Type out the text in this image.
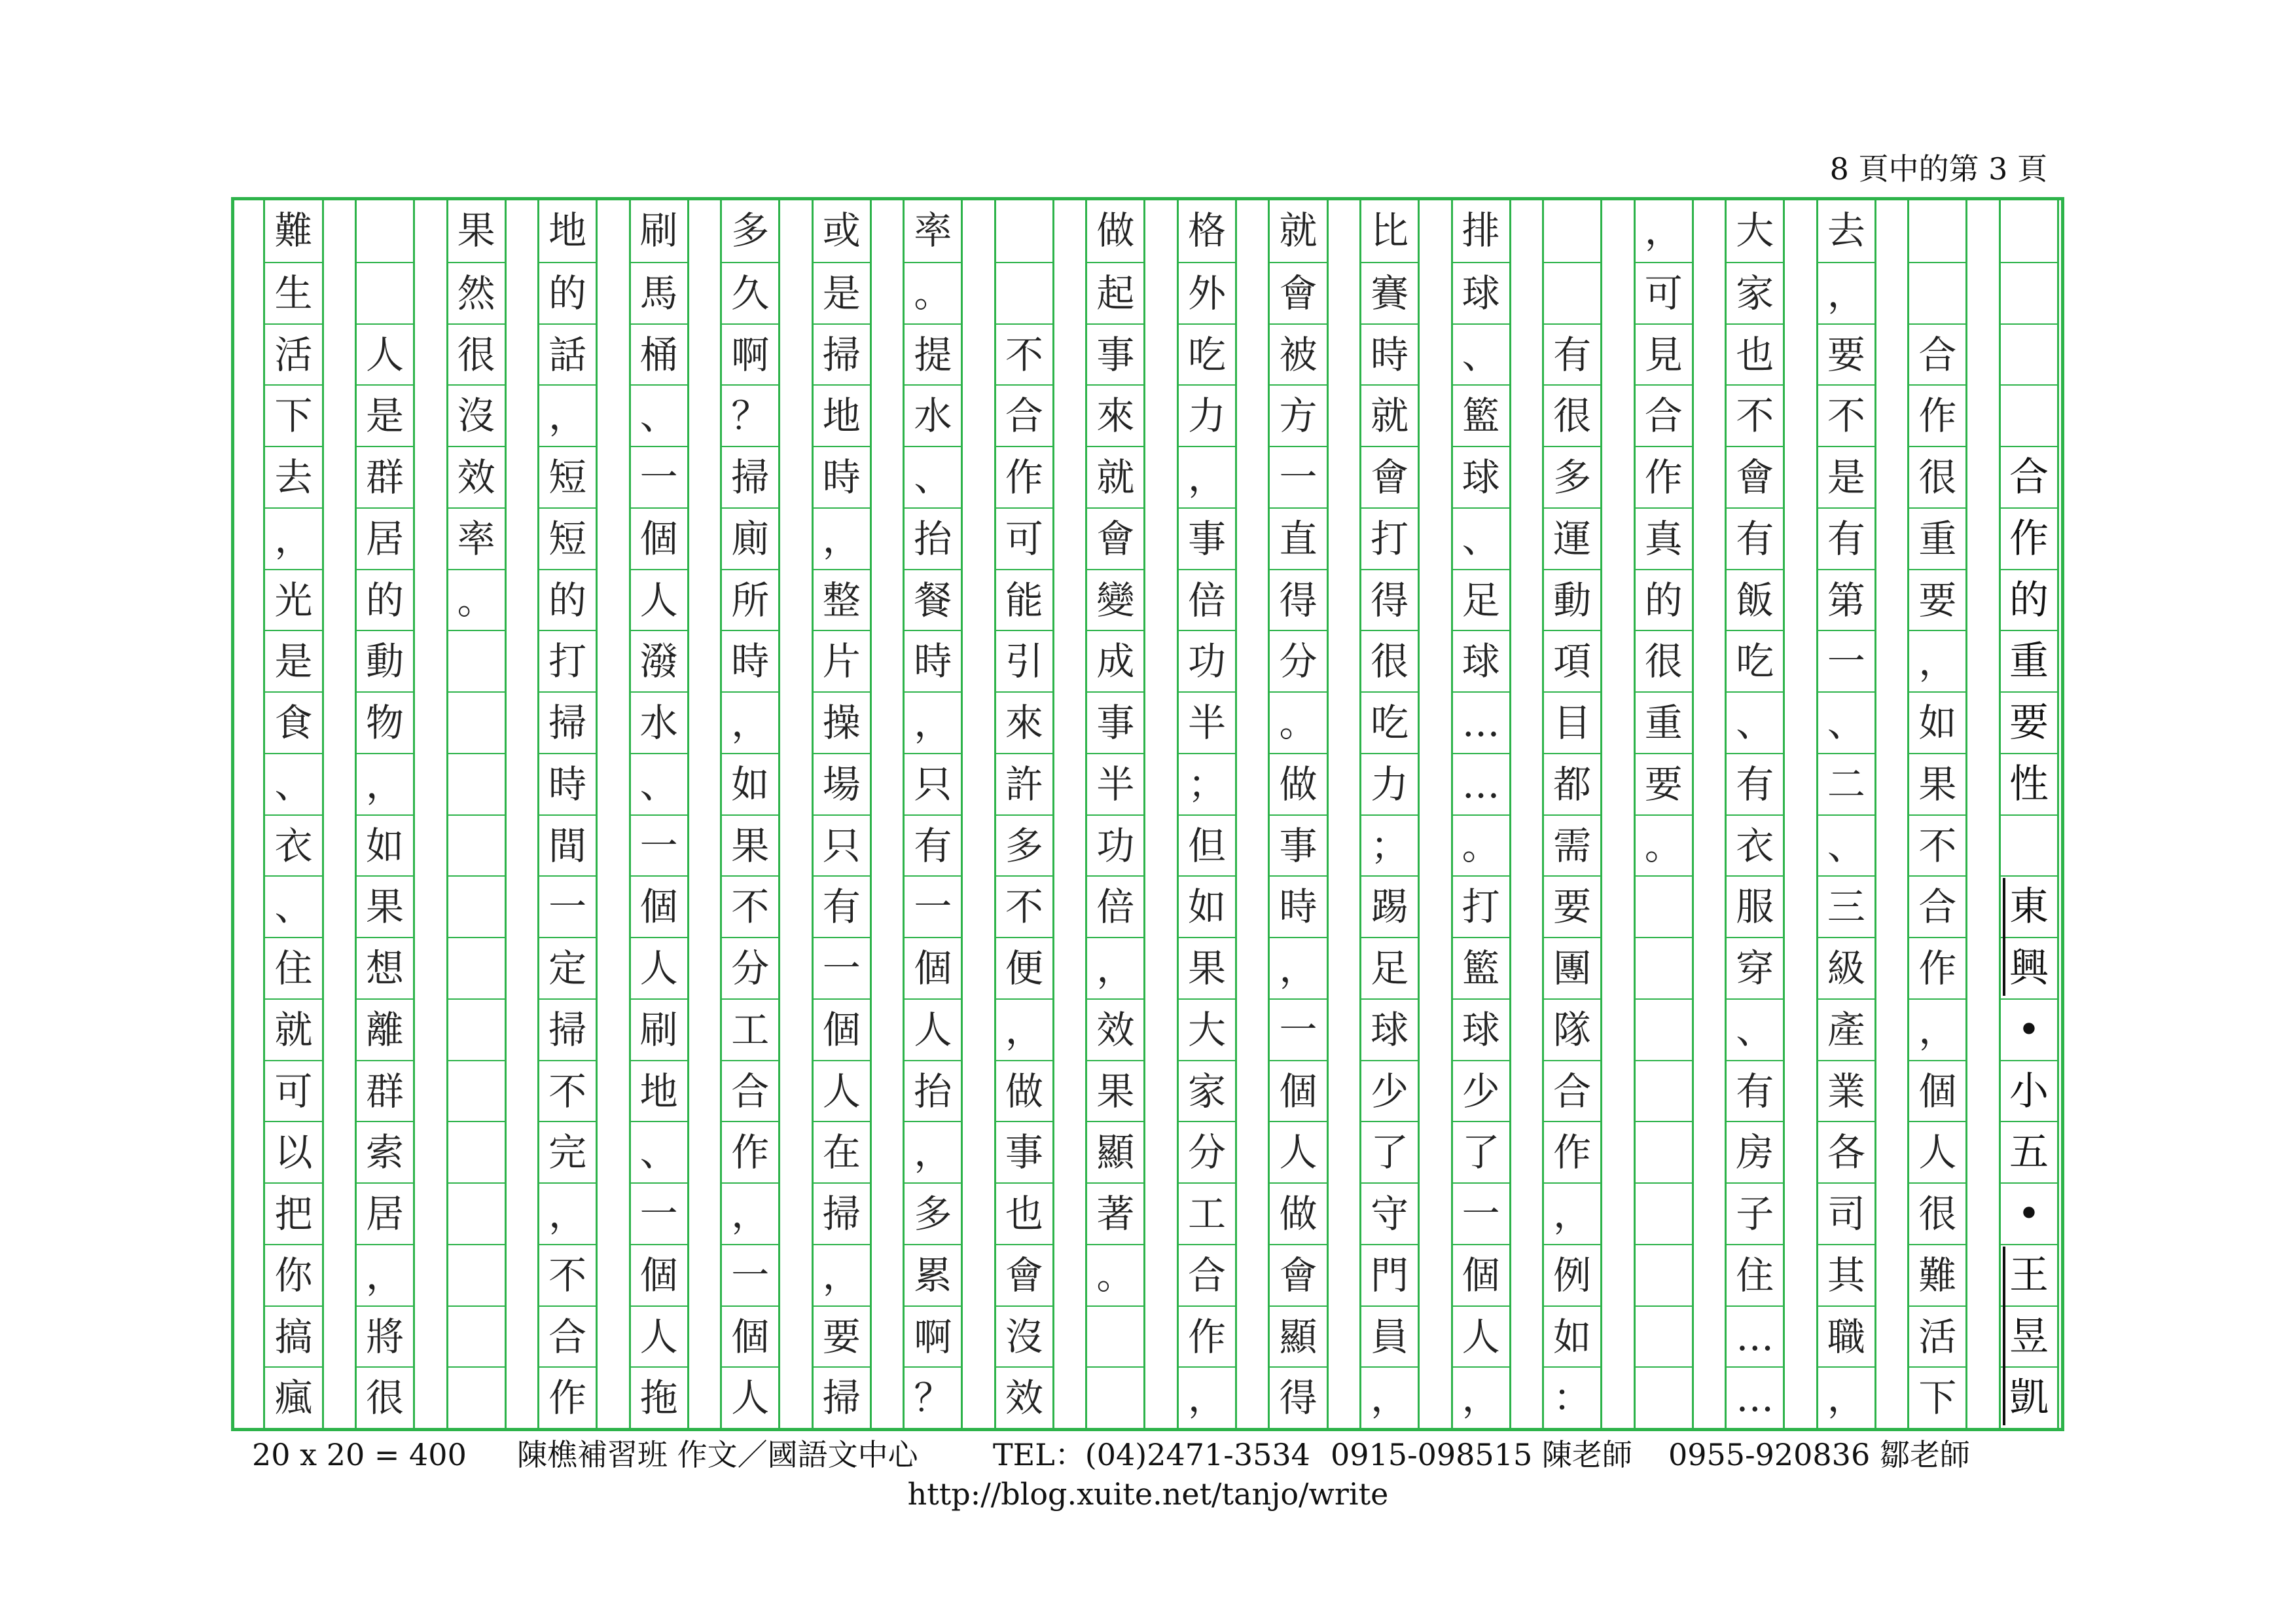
8 頁中的第 3 頁
合
作
的
重
要
性
東
興
•
小
五
•
王
昱
凱
合
作
很
重
要
，
如
果
不
合
作
，
個
人
很
難
活
下
去
，
要
不
是
有
第
一
、
二
、
三
級
產
業
各
司
其
職
，
大
家
也
不
會
有
飯
吃
、
有
衣
服
穿
、
有
房
子
住
…
…
，
可
見
合
作
真
的
很
重
要
。
有
很
多
運
動
項
目
都
需
要
團
隊
合
作
，
例
如
：
排
球
、
籃
球
、
足
球
…
…
。
打
籃
球
少
了
一
個
人
，
比
賽
時
就
會
打
得
很
吃
力
；
踢
足
球
少
了
守
門
員
，
就
會
被
方
一
直
得
分
。
做
事
時
，
一
個
人
做
會
顯
得
格
外
吃
力
，
事
倍
功
半
；
但
如
果
大
家
分
工
合
作
，
做
起
事
來
就
會
變
成
事
半
功
倍
，
效
果
顯
著
。
不
合
作
可
能
引
來
許
多
不
便
，
做
事
也
會
沒
效
率
。
提
水
、
抬
餐
時
，
只
有
一
個
人
抬
，
多
累
啊
？
或
是
掃
地
時
，
整
片
操
場
只
有
一
個
人
在
掃
，
要
掃
多
久
啊
？
掃
廁
所
時
，
如
果
不
分
工
合
作
，
一
個
人
刷
馬
桶
、
一
個
人
潑
水
、
一
個
人
刷
地
、
一
個
人
拖
地
的
話
，
短
短
的
打
掃
時
間
一
定
掃
不
完
，
不
合
作
果
然
很
沒
效
率
。
人
是
群
居
的
動
物
，
如
果
想
離
群
索
居
，
將
很
難
生
活
下
去
，
光
是
食
、
衣
、
住
就
可
以
把
你
搞
瘋
20 x 20 = 400 陳樵補習班 作文／國語文中心 TEL：(04)2471-3534 0915-098515 陳老師 0955-920836 鄒老師
http://blog.xuite.net/tanjo/write
